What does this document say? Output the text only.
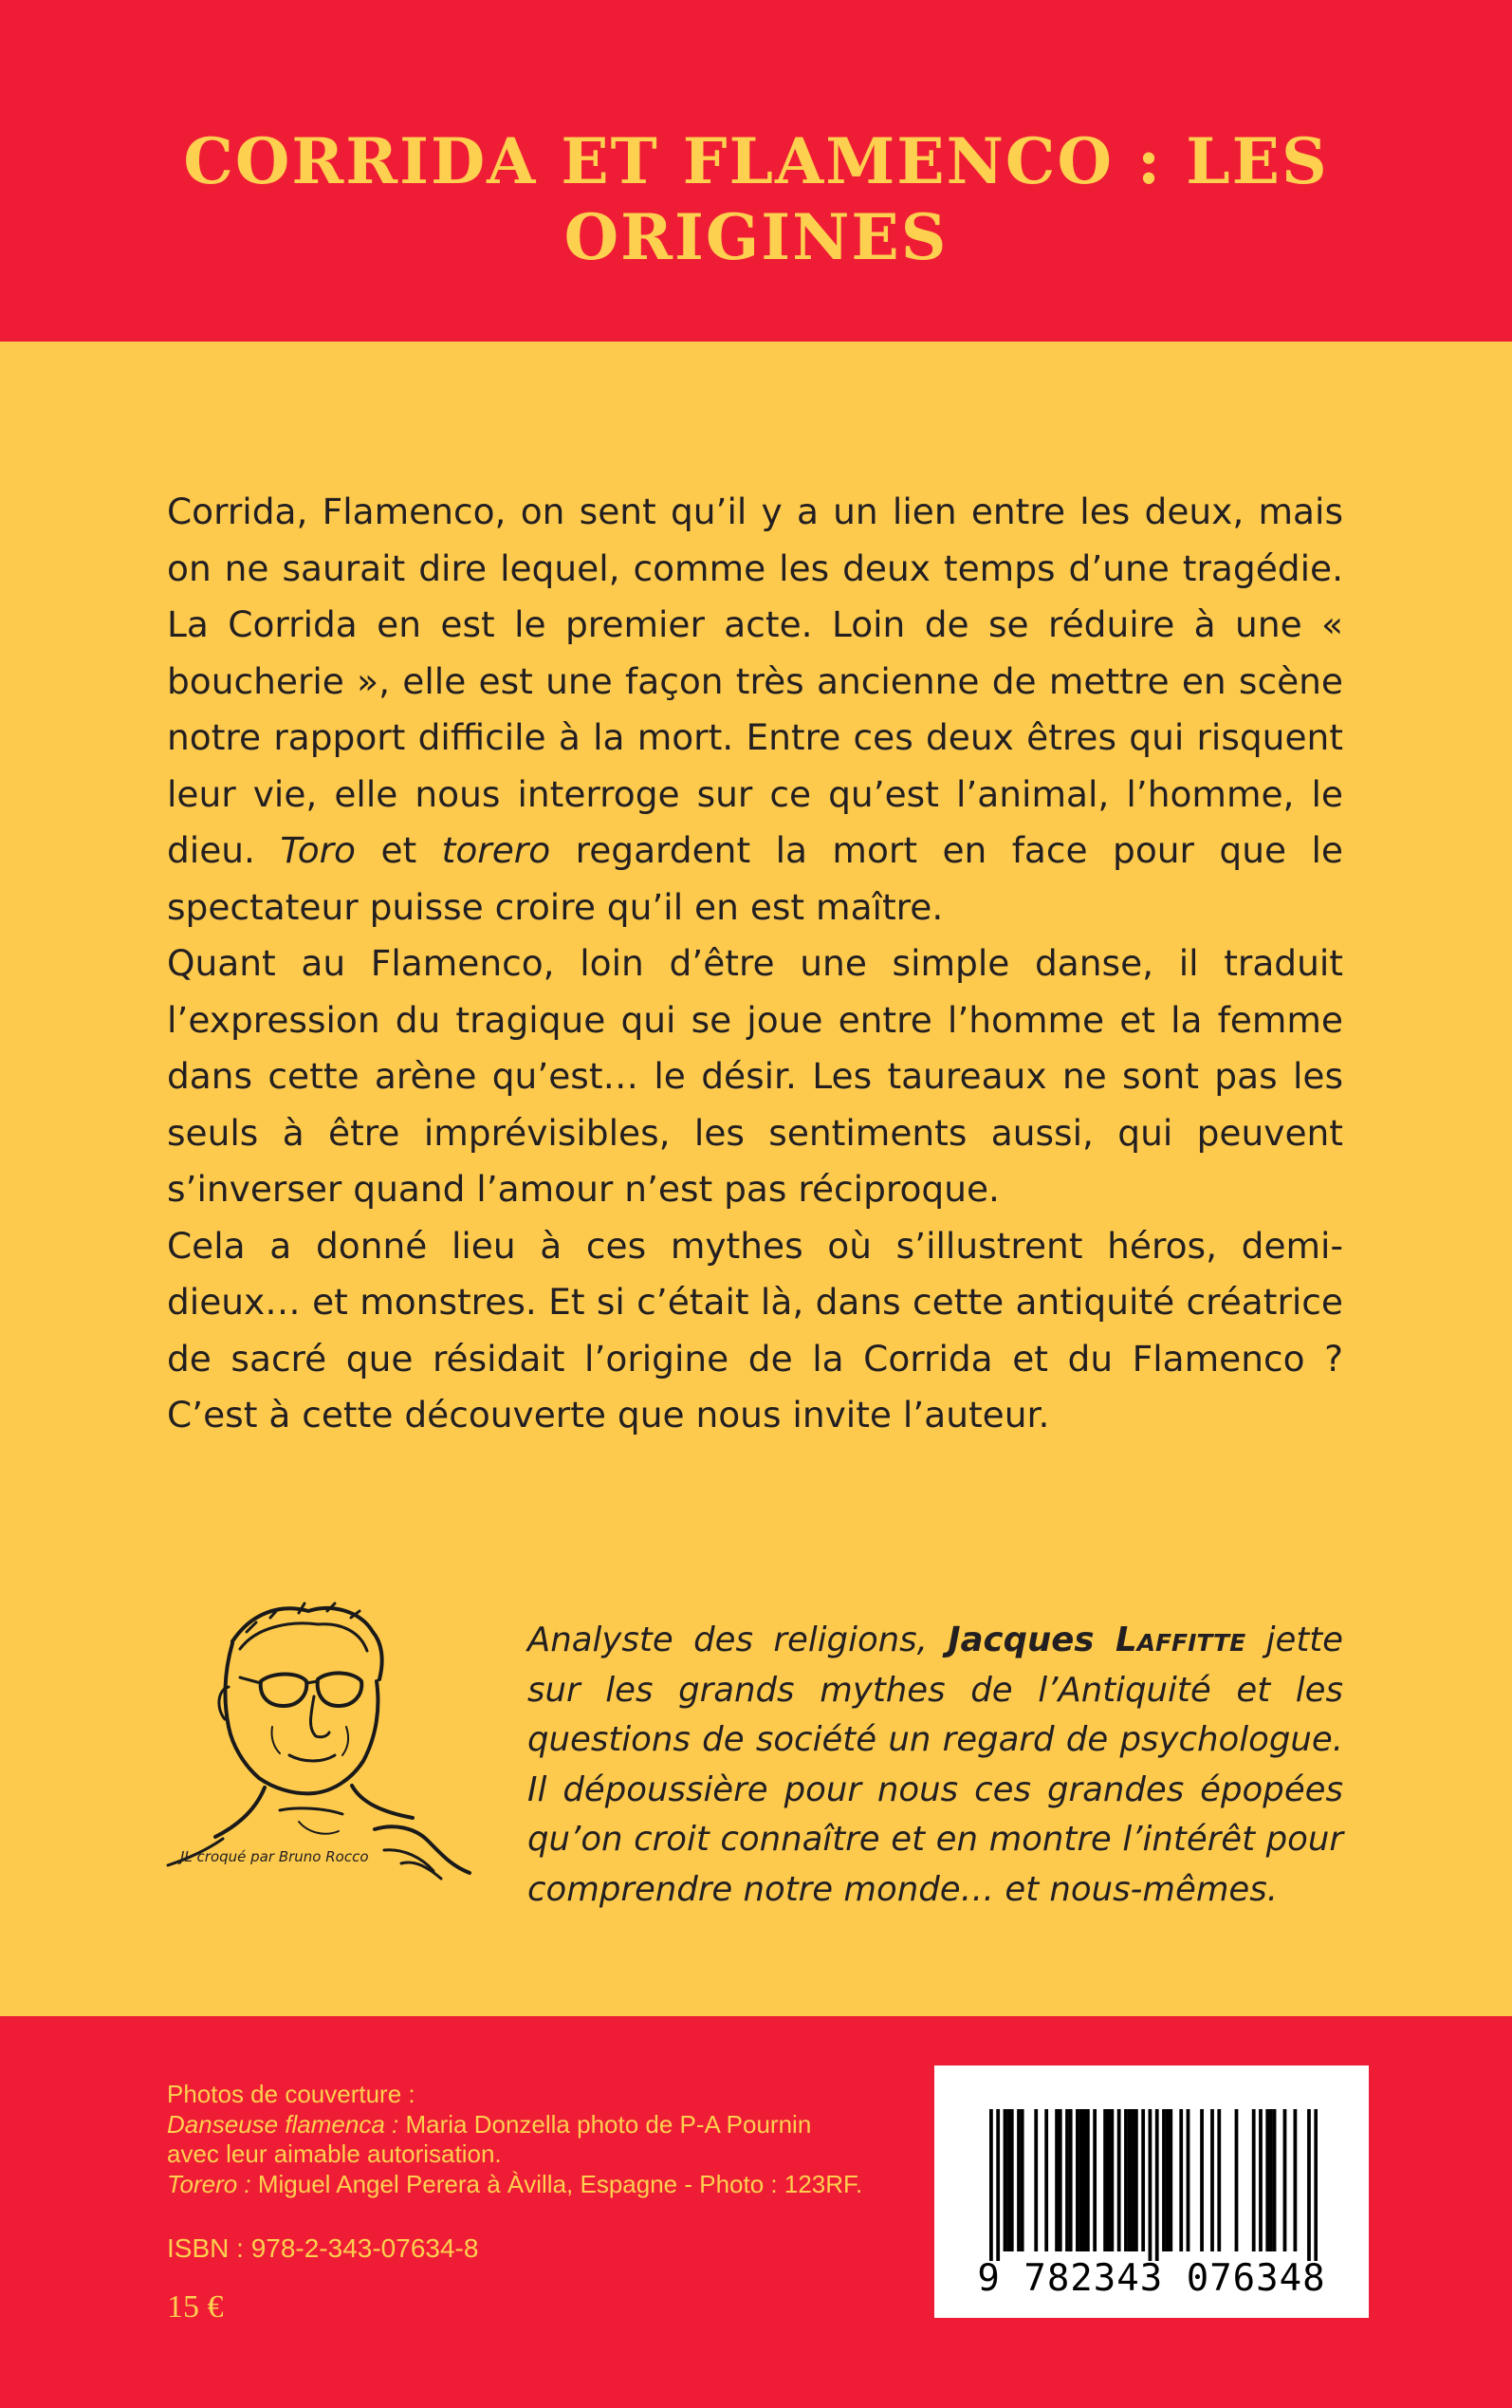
CORRIDA ET FLAMENCO : LES ORIGINES

Corrida, Flamenco, on sent qu’il y a un lien entre les deux, mais on ne saurait dire lequel, comme les deux temps d’une tragédie. La Corrida en est le premier acte. Loin de se réduire à une « boucherie », elle est une façon très ancienne de mettre en scène notre rapport difficile à la mort. Entre ces deux êtres qui risquent leur vie, elle nous interroge sur ce qu’est l’animal, l’homme, le dieu. Toro et torero regardent la mort en face pour que le spectateur puisse croire qu’il en est maître.

Quant au Flamenco, loin d’être une simple danse, il traduit l’expression du tragique qui se joue entre l’homme et la femme dans cette arène qu’est… le désir. Les taureaux ne sont pas les seuls à être imprévisibles, les sentiments aussi, qui peuvent s’inverser quand l’amour n’est pas réciproque.

Cela a donné lieu à ces mythes où s’illustrent héros, demi-dieux… et monstres. Et si c’était là, dans cette antiquité créatrice de sacré que résidait l’origine de la Corrida et du Flamenco ? C’est à cette découverte que nous invite l’auteur.

JL croqué par Bruno Rocco

Analyste des religions, Jacques Laffitte jette sur les grands mythes de l’Antiquité et les questions de société un regard de psychologue. Il dépoussière pour nous ces grandes épopées qu’on croit connaître et en montre l’intérêt pour comprendre notre monde… et nous-mêmes.

Photos de couverture :
Danseuse flamenca : Maria Donzella photo de P-A Pournin
avec leur aimable autorisation.
Torero : Miguel Angel Perera à Àvilla, Espagne - Photo : 123RF.
ISBN : 978-2-343-07634-8
15 €
9 782343 076348
